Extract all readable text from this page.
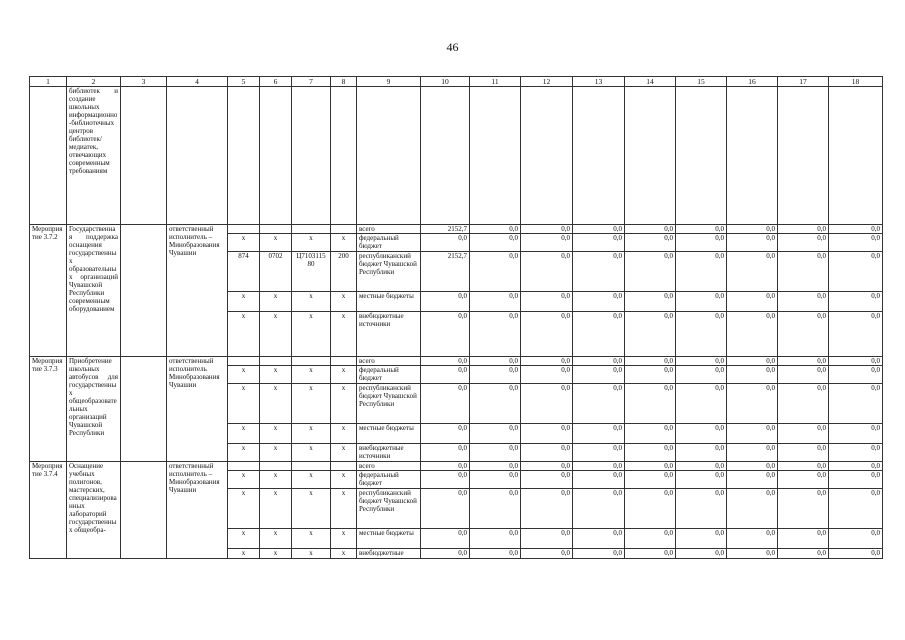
46
1	2	3	4	5	6	7	8	9	10	11	12	13	14	15	16	17	18
	библиотек и создание школьных информационно-библиотечных центров библиотек/медиатек, отвечающих современным требованиям																
Мероприятие 3.7.2	Государственная поддержка оснащения государственных образовательных организаций Чувашской Республики современным оборудованием		ответственный исполнитель – Минобразования Чувашии					всего	2152,7	0,0	0,0	0,0	0,0	0,0	0,0	0,0	0,0
				x	x	x	x	федеральный бюджет	0,0	0,0	0,0	0,0	0,0	0,0	0,0	0,0	0,0
				874	0702	Ц7103115 80	200	республиканский бюджет Чувашской Республики	2152,7	0,0	0,0	0,0	0,0	0,0	0,0	0,0	0,0
				x	x	x	x	местные бюджеты	0,0	0,0	0,0	0,0	0,0	0,0	0,0	0,0	0,0
				x	x	x	x	внебюджетные источники	0,0	0,0	0,0	0,0	0,0	0,0	0,0	0,0	0,0
Мероприятие 3.7.3	Приобретение школьных автобусов для государственных общеобразовательных организаций Чувашской Республики		ответственный исполнитель Минобразования Чувашии					всего	0,0	0,0	0,0	0,0	0,0	0,0	0,0	0,0	0,0
				x	x	x	x	федеральный бюджет	0,0	0,0	0,0	0,0	0,0	0,0	0,0	0,0	0,0
				x	x	x	x	республиканский бюджет Чувашской Республики	0,0	0,0	0,0	0,0	0,0	0,0	0,0	0,0	0,0
				x	x	x	x	местные бюджеты	0,0	0,0	0,0	0,0	0,0	0,0	0,0	0,0	0,0
				x	x	x	x	внебюджетные источники	0,0	0,0	0,0	0,0	0,0	0,0	0,0	0,0	0,0
Мероприятие 3.7.4	Оснащение учебных полигонов, мастерских, специализированных лабораторий государственных общеобра-		ответственный исполнитель – Минобразования Чувашии					всего	0,0	0,0	0,0	0,0	0,0	0,0	0,0	0,0	0,0
				x	x	x	x	федеральный бюджет	0,0	0,0	0,0	0,0	0,0	0,0	0,0	0,0	0,0
				x	x	x	x	республиканский бюджет Чувашской Республики	0,0	0,0	0,0	0,0	0,0	0,0	0,0	0,0	0,0
				x	x	x	x	местные бюджеты	0,0	0,0	0,0	0,0	0,0	0,0	0,0	0,0	0,0
				x	x	x	x	внебюджетные	0,0	0,0	0,0	0,0	0,0	0,0	0,0	0,0	0,0
